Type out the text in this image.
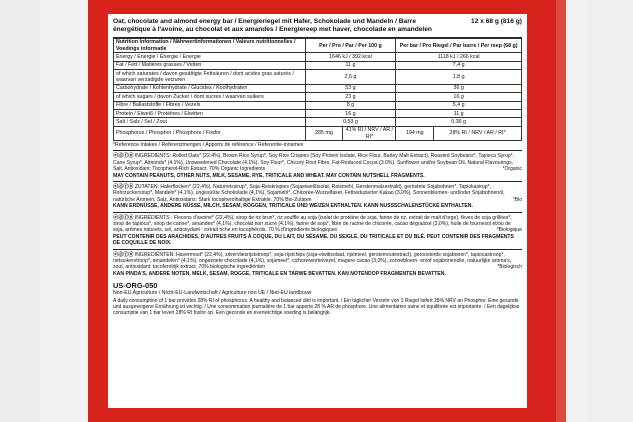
Oat, chocolate and almond energy bar / Energieriegel mit Hafer, Schokolade und Mandeln / Barre énergétique à l'avoine, au chocolat et aux amandes / Energiereep met haver, chocolade en amandelen
12 x 68 g (816 g)
Nutrition Information / Nährwertinformationen / Valeurs nutritionnelles / Voedings informatie	Per / Pro / Par / Per 100 g		Per bar / Pro Riegel / Par barre / Per reep (68 g)	
Energy / Energie / Énergie / Energie	1646 kJ / 392 kcal		1118 kJ / 266 kcal	
Fat / Fett / Matières grasses / Vetten	11 g		7,4 g	
of which saturates / davon gesättigte Fettsäuren / dont acides gras saturés / waarvan verzadigde vetzuren	2,6 g		1,8 g	
Carbohydrate / Kohlenhydrate / Glucides / Koolhydraten	53 g		36 g	
of which sugars / davon Zucker / dont sucres / waarvan suikers	23 g		16 g	
Fibre / Ballaststoffe / Fibres / Vezels	8 g		5,4 g	
Protein / Eiweiß / Protéines / Eiwitten	16 g		11 g	
Salt / Salz / Sel / Zout	0,53 g		0,36 g	
Phosphorus / Phosphor / Phosphore / Fosfor	285 mg	41% RI / NRV / AR / RI*	194 mg	28% RI / NRV / AR / RI*
*Reference Intakes / Referenzmengen / Apports de référence / Referentie-innames
ⓔⓓⓕⓝ INGREDIENTS: Rolled Oats* (22.4%), Brown Rice Syrup*, Soy Rice Crispies (Soy Protein Isolate, Rice Flour, Barley Malt Extract), Roasted Soybeans*, Tapioca Syrup*, Cane Syrup*, Almonds* (4.1%), Unsweetened Chocolate (4.1%), Soy Flour*, Chicory Root Fibre, Fat-Reduced Cocoa (3.0%), Sunflower and/or Soybean Oil, Natural Flavourings, Salt, Antioxidant: Tocopherol-Rich Extract. 70% Organic Ingredients	*Organic
MAY CONTAIN PEANUTS, OTHER NUTS, MILK, SESAME, RYE, TRITICALE AND WHEAT. MAY CONTAIN NUTSHELL FRAGMENTS.
ⓔⓓⓕⓝ ZUTATEN: Haferflocken* (22,4%), Naturreissirup*, Soja-Reiskrispies (Sojaeiweißisolat, Reismehl, Gerstenmalzextrakt), geröstete Sojabohnen*, Tapiokasirup*, Rohrzuckersirup*, Mandeln* (4,1%), ungesüßte Schokolade (4,1%), Sojamehl*, Chicorée-Wurzelfaser, Fettreduzierter Kakao (3,0%), Sonnenblumen- und/oder Sojabohnenöl, natürliche Aromen, Salz, Antioxidans: Stark tocopherolhaltige Extrakte. 70% Bio-Zutaten	*Bio
KANN ERDNÜSSE, ANDERE NÜSSE, MILCH, SESAM, ROGGEN, TRITICALE UND WEIZEN ENTHALTEN. KANN NUSSSCHALENSTÜCKE ENTHALTEN.
ⓔⓓⓕⓝ INGRÉDIENTS : Flocons d'avoine* (22,4%), sirop de riz brun*, riz soufflé au soja (isolat de protéine de soja, farine de riz, extrait de malt d'orge), fèves de soja grillées*, sirop de tapioca*, sirop de canne*, amandes* (4,1%), chocolat non sucré (4,1%), farine de soja*, fibre de racine de chicorée, cacao dégraissé (3,0%), huile de tournesol et/ou de soja, arômes naturels, sel, antioxydant : extrait riche en tocophérols. 70 % d'ingrédients biologiques	*Biologique
PEUT CONTENIR DES ARACHIDES, D'AUTRES FRUITS À COQUE, DU LAIT, DU SÉSAME, DU SEIGLE, DU TRITICALE ET DU BLÉ. PEUT CONTENIR DES FRAGMENTS DE COQUILLE DE NOIX.
ⓔⓓⓕⓝ INGREDIËNTEN: Havermout* (22,4%), zilvervliesrijststroop*, soja-rijstchips (soja-eiwitisolaat, rijstmeel, gerstemoutextract), geroosterde sojabonen*, tapiocastroop*, rietsuikerstroop*, amandelen* (4,1%), ongezoete chocolade (4,1%), sojameel*, cichoreiwortelvezel, magere cacao (3,0%), zonnebloem- en/of sojabonenolie, natuurlijke aroma's, zout, antioxidant: tocoferolrijk extract. 70% biologische ingrediënten	*Biologisch
KAN PINDA'S, ANDERE NOTEN, MELK, SESAM, ROGGE, TRITICALE EN TARWE BEVATTEN. KAN NOTENDOP FRAGMENTEN BEVATTEN.
US-ORG-050
Non-EU Agriculture / Nicht-EU-Landwirtschaft / Agriculture non UE / Niet-EU landbouw
A daily consumption of 1 bar provides 28% RI of phosphorus. A healthy and balanced diet is important. / Ein täglicher Verzehr von 1 Riegel liefert 28% NRV an Phosphor. Eine gesunde und ausgewogene Ernährung ist wichtig. / Une consommation journalière de 1 bar apporte 28 % AR de phosphore. Une alimentation saine et équilibrée est importante. / Een dagelijkse consumptie van 1 bar levert 28% RI fosfor op. Een gezonde en evenwichtige voeding is belangrijk.
